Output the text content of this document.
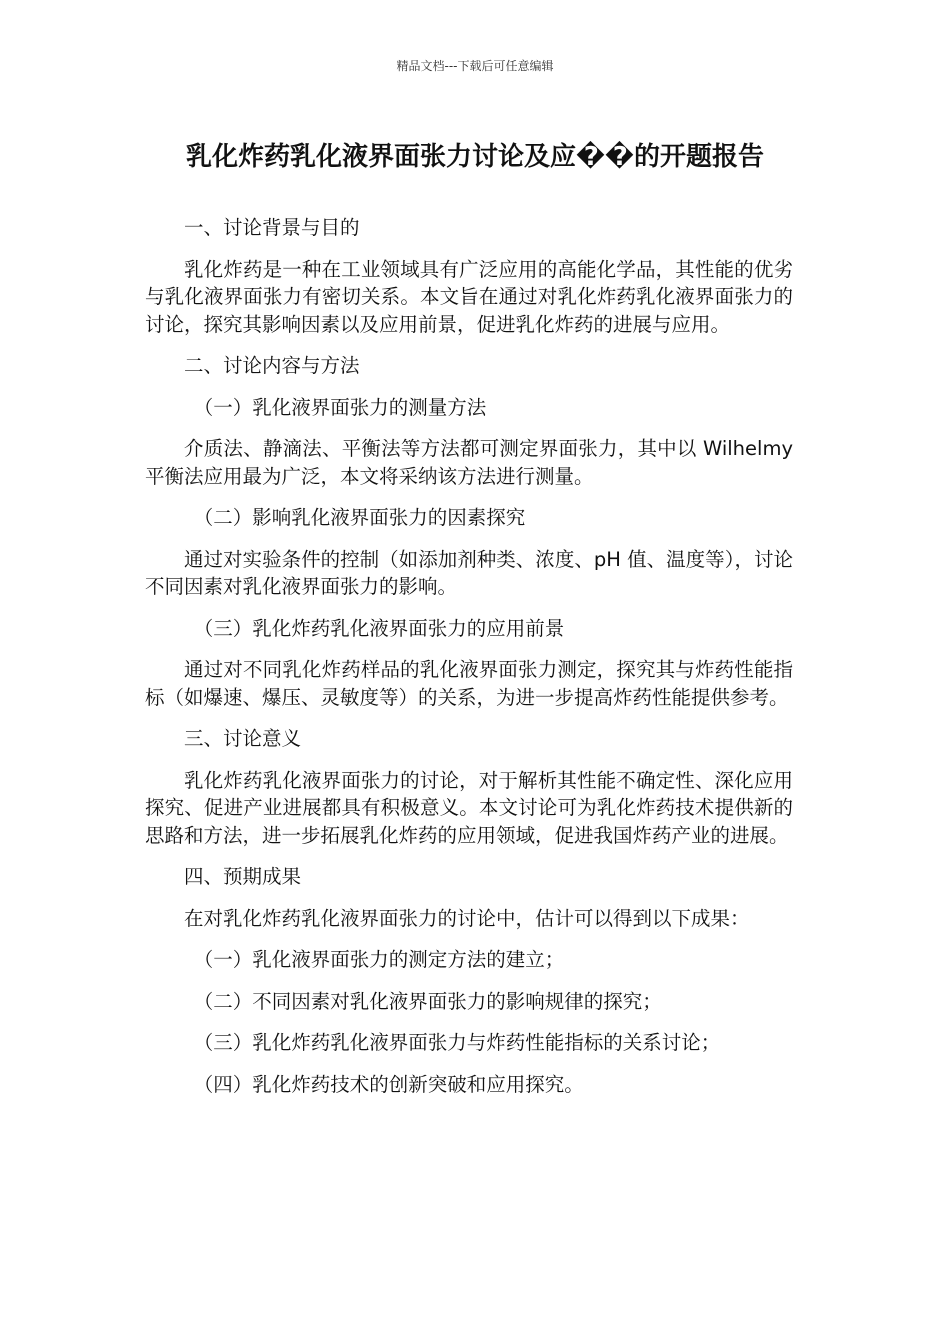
精品文档---下载后可任意编辑
乳化炸药乳化液界面张力讨论及应��的开题报告

一、讨论背景与目的

乳化炸药是一种在工业领域具有广泛应用的高能化学品，其性能的优劣与乳化液界面张力有密切关系。本文旨在通过对乳化炸药乳化液界面张力的讨论，探究其影响因素以及应用前景，促进乳化炸药的进展与应用。

二、讨论内容与方法

（一）乳化液界面张力的测量方法

介质法、静滴法、平衡法等方法都可测定界面张力，其中以 Wilhelmy 平衡法应用最为广泛，本文将采纳该方法进行测量。

（二）影响乳化液界面张力的因素探究

通过对实验条件的控制（如添加剂种类、浓度、pH 值、温度等），讨论不同因素对乳化液界面张力的影响。

（三）乳化炸药乳化液界面张力的应用前景

通过对不同乳化炸药样品的乳化液界面张力测定，探究其与炸药性能指标（如爆速、爆压、灵敏度等）的关系，为进一步提高炸药性能提供参考。

三、讨论意义

乳化炸药乳化液界面张力的讨论，对于解析其性能不确定性、深化应用探究、促进产业进展都具有积极意义。本文讨论可为乳化炸药技术提供新的思路和方法，进一步拓展乳化炸药的应用领域，促进我国炸药产业的进展。

四、预期成果

在对乳化炸药乳化液界面张力的讨论中，估计可以得到以下成果：

（一）乳化液界面张力的测定方法的建立；

（二）不同因素对乳化液界面张力的影响规律的探究；

（三）乳化炸药乳化液界面张力与炸药性能指标的关系讨论；

（四）乳化炸药技术的创新突破和应用探究。
